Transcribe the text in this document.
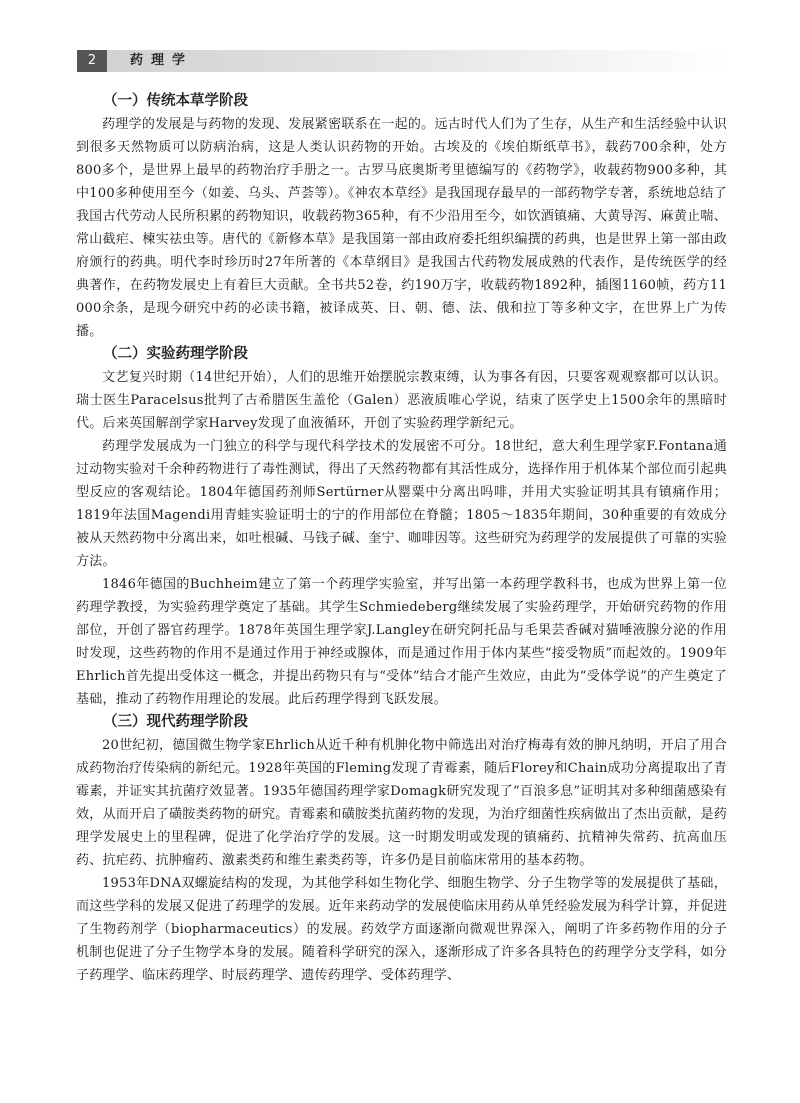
2	药理学
（一）传统本草学阶段

药理学的发展是与药物的发现、发展紧密联系在一起的。远古时代人们为了生存，从生产和生活经验中认识到很多天然物质可以防病治病，这是人类认识药物的开始。古埃及的《埃伯斯纸草书》，载药700余种，处方800多个，是世界上最早的药物治疗手册之一。古罗马底奥斯考里德编写的《药物学》，收载药物900多种，其中100多种使用至今（如姜、乌头、芦荟等）。《神农本草经》是我国现存最早的一部药物学专著，系统地总结了我国古代劳动人民所积累的药物知识，收载药物365种，有不少沿用至今，如饮酒镇痛、大黄导泻、麻黄止喘、常山截疟、楝实祛虫等。唐代的《新修本草》是我国第一部由政府委托组织编撰的药典，也是世界上第一部由政府颁行的药典。明代李时珍历时27年所著的《本草纲目》是我国古代药物发展成熟的代表作，是传统医学的经典著作，在药物发展史上有着巨大贡献。全书共52卷，约190万字，收载药物1892种，插图1160帧，药方11 000余条，是现今研究中药的必读书籍，被译成英、日、朝、德、法、俄和拉丁等多种文字，在世界上广为传播。

（二）实验药理学阶段

文艺复兴时期（14世纪开始），人们的思维开始摆脱宗教束缚，认为事各有因，只要客观观察都可以认识。瑞士医生Paracelsus批判了古希腊医生盖伦（Galen）恶液质唯心学说，结束了医学史上1500余年的黑暗时代。后来英国解剖学家Harvey发现了血液循环，开创了实验药理学新纪元。

药理学发展成为一门独立的科学与现代科学技术的发展密不可分。18世纪，意大利生理学家F.Fontana通过动物实验对千余种药物进行了毒性测试，得出了天然药物都有其活性成分，选择作用于机体某个部位而引起典型反应的客观结论。1804年德国药剂师Sertürner从罂粟中分离出吗啡，并用犬实验证明其具有镇痛作用；1819年法国Magendi用青蛙实验证明士的宁的作用部位在脊髓；1805～1835年期间，30种重要的有效成分被从天然药物中分离出来，如吐根碱、马钱子碱、奎宁、咖啡因等。这些研究为药理学的发展提供了可靠的实验方法。

1846年德国的Buchheim建立了第一个药理学实验室，并写出第一本药理学教科书，也成为世界上第一位药理学教授，为实验药理学奠定了基础。其学生Schmiedeberg继续发展了实验药理学，开始研究药物的作用部位，开创了器官药理学。1878年英国生理学家J.Langley在研究阿托品与毛果芸香碱对猫唾液腺分泌的作用时发现，这些药物的作用不是通过作用于神经或腺体，而是通过作用于体内某些“接受物质”而起效的。1909年Ehrlich首先提出受体这一概念，并提出药物只有与“受体”结合才能产生效应，由此为“受体学说”的产生奠定了基础，推动了药物作用理论的发展。此后药理学得到飞跃发展。

（三）现代药理学阶段

20世纪初，德国微生物学家Ehrlich从近千种有机胂化物中筛选出对治疗梅毒有效的胂凡纳明，开启了用合成药物治疗传染病的新纪元。1928年英国的Fleming发现了青霉素，随后Florey和Chain成功分离提取出了青霉素，并证实其抗菌疗效显著。1935年德国药理学家Domagk研究发现了“百浪多息”证明其对多种细菌感染有效，从而开启了磺胺类药物的研究。青霉素和磺胺类抗菌药物的发现，为治疗细菌性疾病做出了杰出贡献，是药理学发展史上的里程碑，促进了化学治疗学的发展。这一时期发明或发现的镇痛药、抗精神失常药、抗高血压药、抗疟药、抗肿瘤药、激素类药和维生素类药等，许多仍是目前临床常用的基本药物。

1953年DNA双螺旋结构的发现，为其他学科如生物化学、细胞生物学、分子生物学等的发展提供了基础，而这些学科的发展又促进了药理学的发展。近年来药动学的发展使临床用药从单凭经验发展为科学计算，并促进了生物药剂学（biopharmaceutics）的发展。药效学方面逐渐向微观世界深入，阐明了许多药物作用的分子机制也促进了分子生物学本身的发展。随着科学研究的深入，逐渐形成了许多各具特色的药理学分支学科，如分子药理学、临床药理学、时辰药理学、遗传药理学、受体药理学、
